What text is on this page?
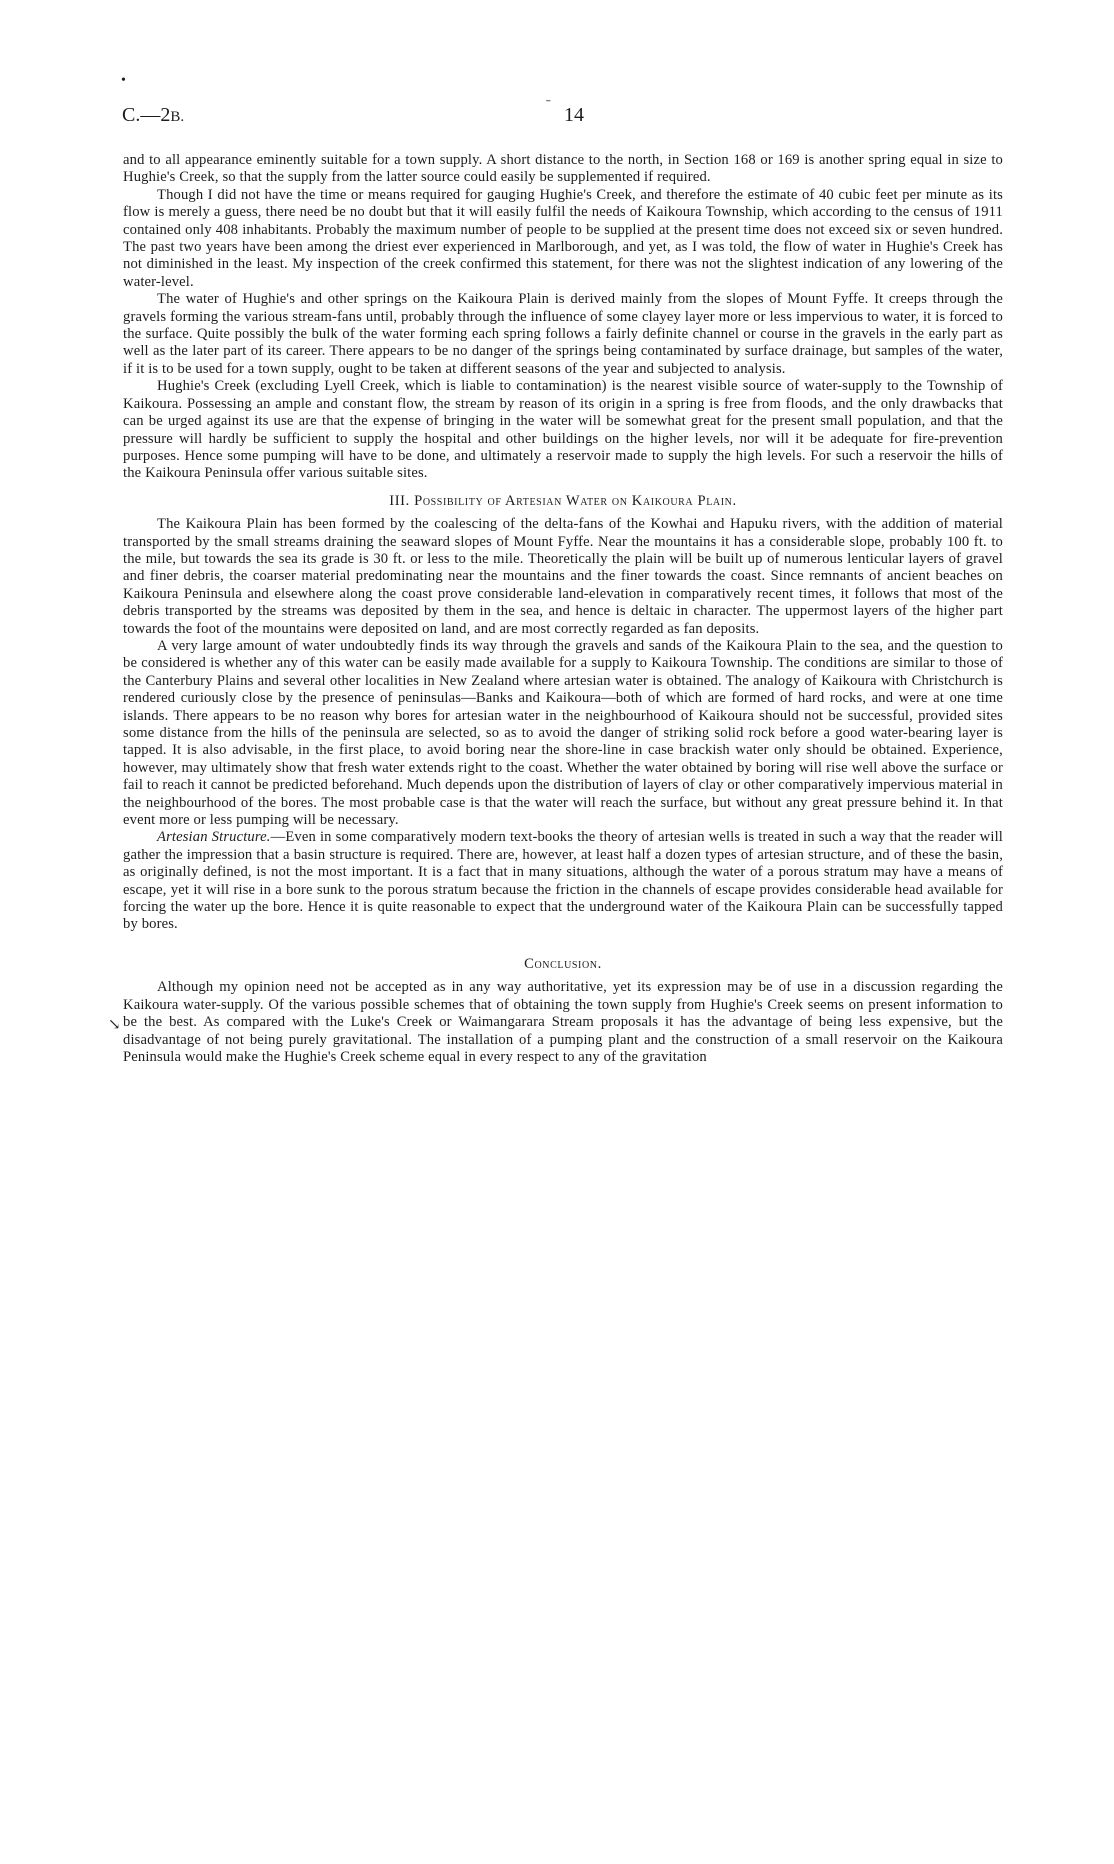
•
C.—2B.
ˉ 14
↘

and to all appearance eminently suitable for a town supply. A short distance to the north, in Section 168 or 169 is another spring equal in size to Hughie's Creek, so that the supply from the latter source could easily be supplemented if required.

Though I did not have the time or means required for gauging Hughie's Creek, and therefore the estimate of 40 cubic feet per minute as its flow is merely a guess, there need be no doubt but that it will easily fulfil the needs of Kaikoura Township, which according to the census of 1911 contained only 408 inhabitants. Probably the maximum number of people to be supplied at the present time does not exceed six or seven hundred. The past two years have been among the driest ever experienced in Marlborough, and yet, as I was told, the flow of water in Hughie's Creek has not diminished in the least. My inspection of the creek confirmed this statement, for there was not the slightest indication of any lowering of the water-level.

The water of Hughie's and other springs on the Kaikoura Plain is derived mainly from the slopes of Mount Fyffe. It creeps through the gravels forming the various stream-fans until, probably through the influence of some clayey layer more or less impervious to water, it is forced to the surface. Quite possibly the bulk of the water forming each spring follows a fairly definite channel or course in the gravels in the early part as well as the later part of its career. There appears to be no danger of the springs being contaminated by surface drainage, but samples of the water, if it is to be used for a town supply, ought to be taken at different seasons of the year and subjected to analysis.

Hughie's Creek (excluding Lyell Creek, which is liable to contamination) is the nearest visible source of water-supply to the Township of Kaikoura. Possessing an ample and constant flow, the stream by reason of its origin in a spring is free from floods, and the only drawbacks that can be urged against its use are that the expense of bringing in the water will be somewhat great for the present small population, and that the pressure will hardly be sufficient to supply the hospital and other buildings on the higher levels, nor will it be adequate for fire-prevention purposes. Hence some pumping will have to be done, and ultimately a reservoir made to supply the high levels. For such a reservoir the hills of the Kaikoura Peninsula offer various suitable sites.

III. Possibility of Artesian Water on Kaikoura Plain.

The Kaikoura Plain has been formed by the coalescing of the delta-fans of the Kowhai and Hapuku rivers, with the addition of material transported by the small streams draining the seaward slopes of Mount Fyffe. Near the mountains it has a considerable slope, probably 100 ft. to the mile, but towards the sea its grade is 30 ft. or less to the mile. Theoretically the plain will be built up of numerous lenticular layers of gravel and finer debris, the coarser material predominating near the mountains and the finer towards the coast. Since remnants of ancient beaches on Kaikoura Peninsula and elsewhere along the coast prove considerable land-elevation in comparatively recent times, it follows that most of the debris transported by the streams was deposited by them in the sea, and hence is deltaic in character. The uppermost layers of the higher part towards the foot of the mountains were deposited on land, and are most correctly regarded as fan deposits.

A very large amount of water undoubtedly finds its way through the gravels and sands of the Kaikoura Plain to the sea, and the question to be considered is whether any of this water can be easily made available for a supply to Kaikoura Township. The conditions are similar to those of the Canterbury Plains and several other localities in New Zealand where artesian water is obtained. The analogy of Kaikoura with Christchurch is rendered curiously close by the presence of peninsulas—Banks and Kaikoura—both of which are formed of hard rocks, and were at one time islands. There appears to be no reason why bores for artesian water in the neighbourhood of Kaikoura should not be successful, provided sites some distance from the hills of the peninsula are selected, so as to avoid the danger of striking solid rock before a good water-bearing layer is tapped. It is also advisable, in the first place, to avoid boring near the shore-line in case brackish water only should be obtained. Experience, however, may ultimately show that fresh water extends right to the coast. Whether the water obtained by boring will rise well above the surface or fail to reach it cannot be predicted beforehand. Much depends upon the distribution of layers of clay or other comparatively impervious material in the neighbourhood of the bores. The most probable case is that the water will reach the surface, but without any great pressure behind it. In that event more or less pumping will be necessary.

Artesian Structure.—Even in some comparatively modern text-books the theory of artesian wells is treated in such a way that the reader will gather the impression that a basin structure is required. There are, however, at least half a dozen types of artesian structure, and of these the basin, as originally defined, is not the most important. It is a fact that in many situations, although the water of a porous stratum may have a means of escape, yet it will rise in a bore sunk to the porous stratum because the friction in the channels of escape provides considerable head available for forcing the water up the bore. Hence it is quite reasonable to expect that the underground water of the Kaikoura Plain can be successfully tapped by bores.

Conclusion.

Although my opinion need not be accepted as in any way authoritative, yet its expression may be of use in a discussion regarding the Kaikoura water-supply. Of the various possible schemes that of obtaining the town supply from Hughie's Creek seems on present information to be the best. As compared with the Luke's Creek or Waimangarara Stream proposals it has the advantage of being less expensive, but the disadvantage of not being purely gravitational. The installation of a pumping plant and the construction of a small reservoir on the Kaikoura Peninsula would make the Hughie's Creek scheme equal in every respect to any of the gravitation
